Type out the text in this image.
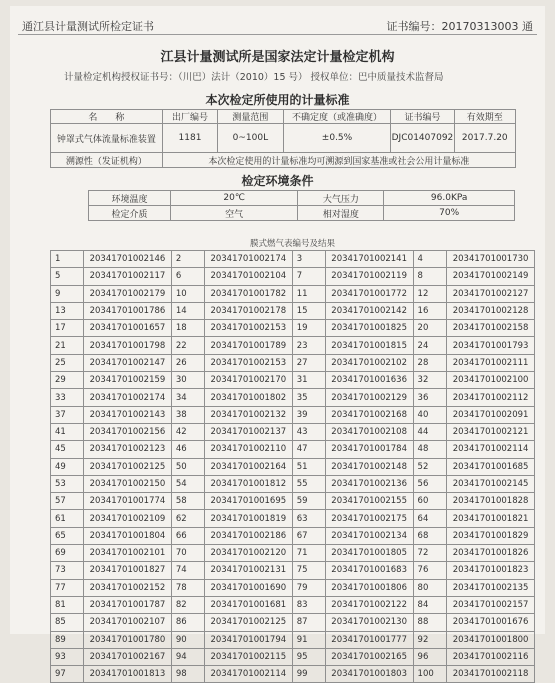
通江县计量测试所检定证书	证书编号：20170313003 通
江县计量测试所是国家法定计量检定机构
计量检定机构授权证书号：（川巴）法计（2010）15 号） 授权单位：巴中质量技术监督局
本次检定所使用的计量标准
名　　称	出厂编号	测量范围	不确定度（或准确度）	证书编号	有效期至
钟罩式气体流量标准装置	1181	0~100L	±0.5%	DJC01407092	2017.7.20
溯源性（发证机构）	本次检定使用的计量标准均可溯源到国家基准或社会公用计量标准				
检定环境条件
环境温度	20℃	大气压力	96.0KPa
检定介质	空气	相对湿度	70%
膜式燃气表编号及结果
1	20341701002146	2	20341701002174	3	20341701002141	4	20341701001730
5	20341701002117	6	20341701002104	7	20341701002119	8	20341701002149
9	20341701002179	10	20341701001782	11	20341701001772	12	20341701002127
13	20341701001786	14	20341701002178	15	20341701002142	16	20341701002128
17	20341701001657	18	20341701002153	19	20341701001825	20	20341701002158
21	20341701001798	22	20341701001789	23	20341701001815	24	20341701001793
25	20341701002147	26	20341701002153	27	20341701002102	28	20341701002111
29	20341701002159	30	20341701002170	31	20341701001636	32	20341701002100
33	20341701002174	34	20341701001802	35	20341701002129	36	20341701002112
37	20341701002143	38	20341701002132	39	20341701002168	40	20341701002091
41	20341701002156	42	20341701002137	43	20341701002108	44	20341701002121
45	20341701002123	46	20341701002110	47	20341701001784	48	20341701002114
49	20341701002125	50	20341701002164	51	20341701002148	52	20341701001685
53	20341701002150	54	20341701001812	55	20341701002136	56	20341701002145
57	20341701001774	58	20341701001695	59	20341701002155	60	20341701001828
61	20341701002109	62	20341701001819	63	20341701002175	64	20341701001821
65	20341701001804	66	20341701002186	67	20341701002134	68	20341701001829
69	20341701002101	70	20341701002120	71	20341701001805	72	20341701001826
73	20341701001827	74	20341701002131	75	20341701001683	76	20341701001823
77	20341701002152	78	20341701001690	79	20341701001806	80	20341701002135
81	20341701001787	82	20341701001681	83	20341701002122	84	20341701002157
85	20341701002107	86	20341701002125	87	20341701002130	88	20341701001676
89	20341701001780	90	20341701001794	91	20341701001777	92	20341701001800
93	20341701002167	94	20341701002115	95	20341701002165	96	20341701002116
97	20341701001813	98	20341701002114	99	20341701001803	100	20341701002118
